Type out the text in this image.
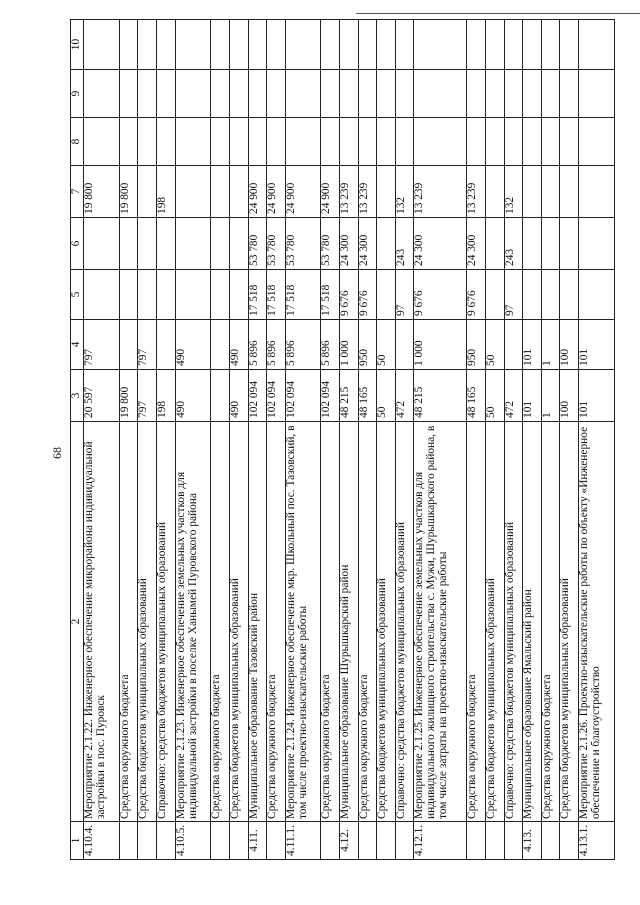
68
1	2	3	4	5	6	7	8	9	10
4.10.4.	Мероприятие 2.1.22. Инженерное обеспечение микрорайона индивидуальной застройки в пос. Пуровск	20 597	797			19 800			
	Средства окружного бюджета	19 800				19 800			
	Средства бюджетов муниципальных образований	797	797						
	Справочно: средства бюджетов муниципальных образований	198				198			
4.10.5.	Мероприятие 2.1.23. Инженерное обеспечение земельных участков для индивидуальной застройки в поселке Ханымей Пуровского района	490	490						
	Средства окружного бюджета								
	Средства бюджетов муниципальных образований	490	490						
4.11.	Муниципальное образование Тазовский район	102 094	5 896	17 518	53 780	24 900			
	Средства окружного бюджета	102 094	5 896	17 518	53 780	24 900			
4.11.1.	Мероприятие 2.1.24. Инженерное обеспечение мкр. Школьный пос. Тазовский, в том числе проектно-изыскательские работы	102 094	5 896	17 518	53 780	24 900			
	Средства окружного бюджета	102 094	5 896	17 518	53 780	24 900			
4.12.	Муниципальное образование Шурышкарский район	48 215	1 000	9 676	24 300	13 239			
	Средства окружного бюджета	48 165	950	9 676	24 300	13 239			
	Средства бюджетов муниципальных образований	50	50						
	Справочно: средства бюджетов муниципальных образований	472		97	243	132			
4.12.1.	Мероприятие 2.1.25. Инженерное обеспечение земельных участков для индивидуального жилищного строительства с. Мужи, Шурышкарского района, в том числе затраты на проектно-изыскательские работы	48 215	1 000	9 676	24 300	13 239			
	Средства окружного бюджета	48 165	950	9 676	24 300	13 239			
	Средства бюджетов муниципальных образований	50	50						
	Справочно: средства бюджетов муниципальных образований	472		97	243	132			
4.13.	Муниципальное образование Ямальский район	101	101						
	Средства окружного бюджета	1	1						
	Средства бюджетов муниципальных образований	100	100						
4.13.1.	Мероприятие 2.1.26. Проектно-изыскательские работы по объекту «Инженерное обеспечение и благоустройство	101	101						
